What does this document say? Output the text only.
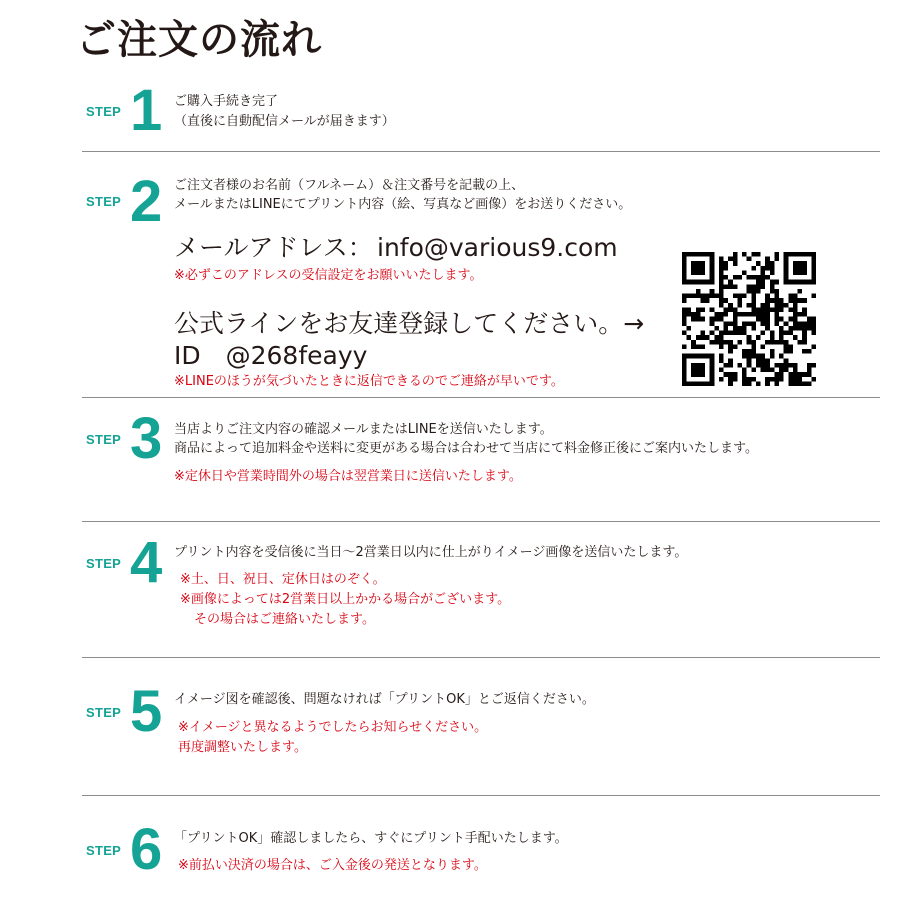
ご注文の流れ
STEP 1 ご購入手続き完了
（直後に自動配信メールが届きます）
STEP 2 ご注文者様のお名前（フルネーム）＆注文番号を記載の上、
メールまたはLINEにてプリント内容（絵、写真など画像）をお送りください。
メールアドレス： info@various9.com
※必ずこのアドレスの受信設定をお願いいたします。
公式ラインをお友達登録してください。→
ID　@268feayy
※LINEのほうが気づいたときに返信できるのでご連絡が早いです。
STEP 3 当店よりご注文内容の確認メールまたはLINEを送信いたします。
商品によって追加料金や送料に変更がある場合は合わせて当店にて料金修正後にご案内いたします。
※定休日や営業時間外の場合は翌営業日に送信いたします。
STEP 4 プリント内容を受信後に当日〜2営業日以内に仕上がりイメージ画像を送信いたします。
※土、日、祝日、定休日はのぞく。
※画像によっては2営業日以上かかる場合がございます。
その場合はご連絡いたします。
STEP 5 イメージ図を確認後、問題なければ「プリントOK」とご返信ください。
※イメージと異なるようでしたらお知らせください。
再度調整いたします。
STEP 6 「プリントOK」確認しましたら、すぐにプリント手配いたします。
※前払い決済の場合は、ご入金後の発送となります。
